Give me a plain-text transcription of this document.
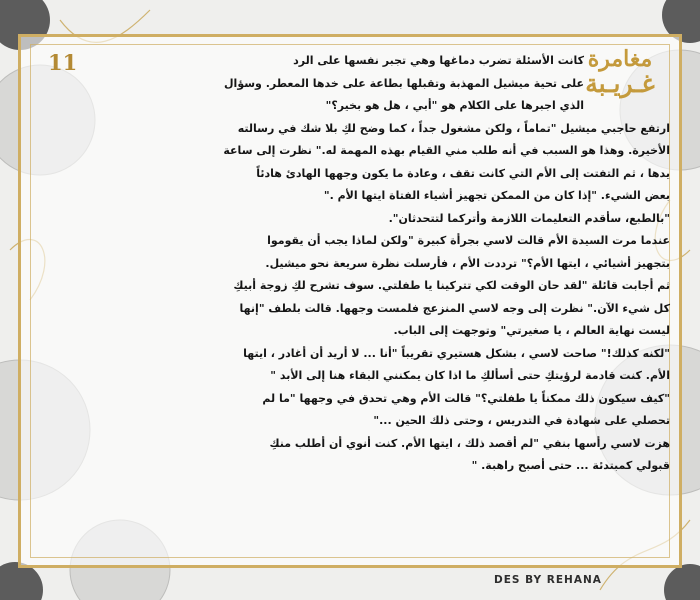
11	مغامرة
غـريـبة
كانت الأسئلة تضرب دماغها وهي تجبر نفسها على الرد
على تحية ميشيل المهذبة وتقبلها بطاعة على خدها المعطر. وسؤال
الذي اجبرها على الكلام هو "أبي ، هل هو بخير؟"
ارتفع حاجبي ميشيل "تماماً ، ولكن مشغول جداً ، كما وضح لكِ بلا شك في رسالته
الأخيرة. وهذا هو السبب في أنه طلب مني القيام بهذه المهمة له." نظرت إلى ساعة
يدها ، ثم التفتت إلى الأم التي كانت تقف ، وعادة ما يكون وجهها الهادئ هادئاً
بعض الشيء. "إذا كان من الممكن تجهيز أشياء الفتاة ايتها الأم ."
"بالطبع، سأقدم التعليمات اللازمة وأتركما لتتحدثان".
عندما مرت السيدة الأم قالت لاسي بجرأة كبيرة "ولكن لماذا يجب أن يقوموا
بتجهيز أشيائي ، ايتها الأم؟" ترددت الأم ، فأرسلت نظرة سريعة نحو ميشيل.
ثم أجابت قائلة "لقد حان الوقت لكي تتركينا يا طفلتي. سوف تشرح لكِ زوجة أبيكِ
كل شيء الآن." نظرت إلى وجه لاسي المنزعج فلمست وجهها. قالت بلطف "إنها
ليست نهاية العالم ، يا صغيرتي" وتوجهت إلى الباب.
"لكنه كذلك!" صاحت لاسي ، بشكل هستيري تقريباً "أنا ... لا أريد أن أغادر ، ايتها
الأم. كنت قادمة لرؤيتكِ حتى أسألكِ ما اذا كان يمكنني البقاء هنا إلى الأبد "
"كيف سيكون ذلك ممكناً يا طفلتي؟" قالت الأم وهي تحدق في وجهها "ما لم
تحصلي على شهادة في التدريس ، وحتى ذلك الحين ..."
هزت لاسي رأسها بنفي "لم أقصد ذلك ، ايتها الأم. كنت أنوي أن أطلب منكِ
قبولي كمبتدئة ... حتى أصبح راهبة. "
DES BY REHANA
